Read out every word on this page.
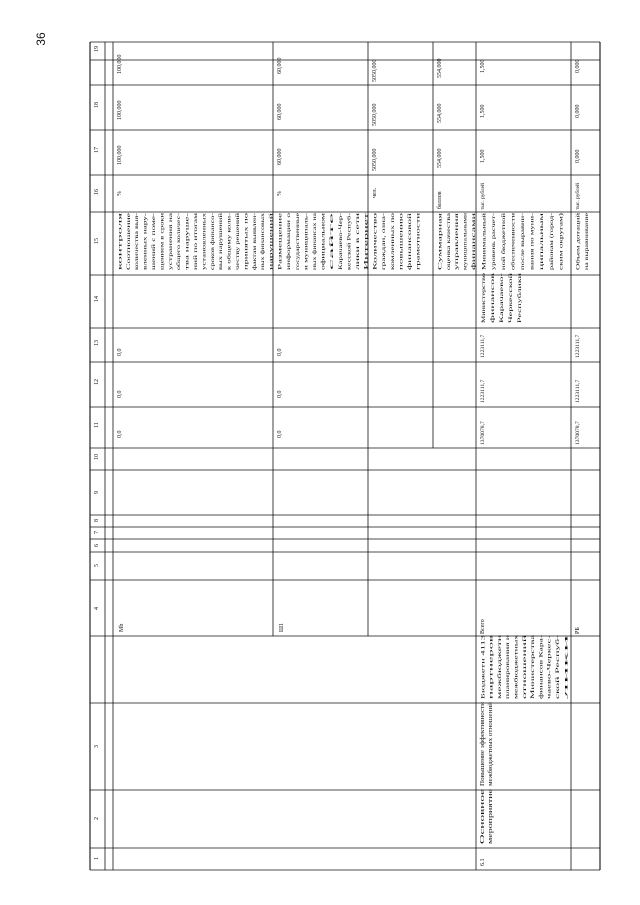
36
19
18
17
16
15
14
13
12
11
10
9
8
7
6
5
4
3
2
1
100,000
100,000
100,000
%
контроля Соотношение количества выя- вленных нару- шений с поме- щением в сроки устранения на общего количес- тва наруше- ний по итогам установленных сроков финансо- вых нарушений к общему коли- честву решений принятых по фактам выявлен- ных финансовых нарушений
0,0
0,0
0,0
Мb
60,000
60,000
60,000
%
Размещение информации о государственные и муниципаль- ных финансах на официальном сайте Карачаево-Чер- кесской Респуб- лики в сети Интернет
0,0
0,0
0,0
Ш1
5050,000
5050,000
5050,000
чел.
Количество граждан, озна- комленных по повышению финансовой грамотности
554,000
554,000
554,000
баллов
Суммарная оценка качества управления муниципальными финансами
1,500
1,500
1,500
тыс. рублей
Минимальный уровень расчет- ной бюджетной обеспеченности после выравни- вания по муни- ципальным районам (город- ским округам)
Министерство финансов Карачаево- Черкесской Республики
1223111,7
1223111,7
1370078,7
Всего
Бюджетн 4113 партнеров межбюджетн планирования и межбюджетных отношений Министерства финансов Кара- чаево-Черкес- ской Респуб- лики
Повышение эффективности межбюджетных отношений
Основное мероприятие
6.1
0,000
0,000
0,000
тыс. рублей
Объем дотаций на выравнивание
1223111,7
1223111,7
1370078,7
РБ
